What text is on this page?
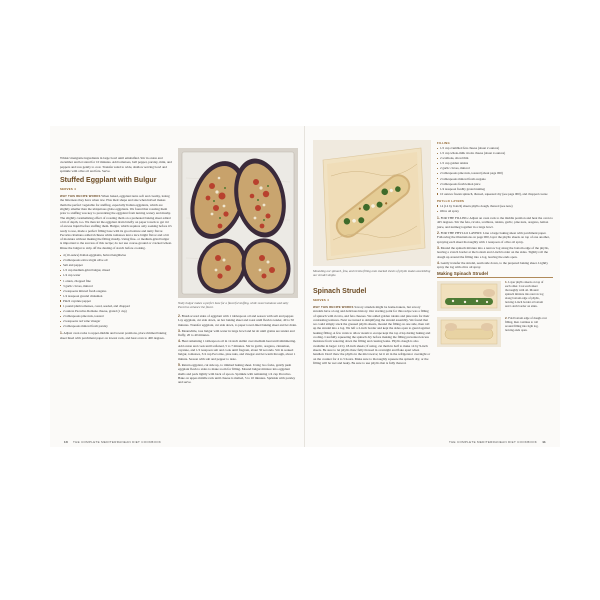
Whisk vinaigrette ingredients in large bowl until emulsified. Stir in onion and cucumber and let stand for 10 minutes. Add tomatoes, bell pepper, parsley, mint, and peppers and toss gently to coat. Transfer salad to wide, shallow serving bowl and sprinkle with olive oil and feta. Serve.

Stuffed Eggplant with Bulgur
SERVES 4

WHY THIS RECIPE WORKS When baked, eggplant turns soft and creamy, losing the bitterness they have when raw. Plus their shape and size when halved makes them the perfect vegetable for stuffing, especially Italian eggplants, which are slightly smaller than the ubiquitous globe eggplants. We found that roasting them prior to stuffing was key to preventing the eggplant from turning watery and mushy. The slightly caramelizing effect of roasting them on a preheated baking sheet added a bit of depth, too. We then let the eggplant drain briefly on paper towels to get rid of excess liquid before stuffing them. Bulgur, which requires only soaking before it's ready to use, made a perfect filling base with its good texture and nutty flavor. Pecorino Romano added richness while tomatoes lent a nice bright flavor and a bit of moisture without making the filling mushy. Using fine- or medium-grind bulgur is important to the success of this recipe; do not use coarse-ground or cracked wheat. Rinse the bulgur to strip off the dusting of starch before cooking.

4 (10-ounce) Italian eggplants, halved lengthwise
2 tablespoons extra-virgin olive oil
Salt and pepper
1/2 cup medium-grind bulgur, rinsed
1/4 cup water
1 onion, chopped fine
3 garlic cloves, minced
2 teaspoons minced fresh oregano
1/4 teaspoon ground cinnamon
Pinch cayenne pepper
1 pound plum tomatoes, cored, seeded, and chopped
2 ounces Pecorino Romano cheese, grated (1 cup)
2 tablespoons pine nuts, toasted
2 teaspoons red wine vinegar
2 tablespoons minced fresh parsley
1. Adjust oven racks to upper-middle and lowest positions, place rimmed baking sheet lined with parchment paper on lowest rack, and heat oven to 400 degrees.
Nutty bulgur makes a perfect base for a flavorful stuffing, while sweet tomatoes and salty Pecorino enhance the flavor.

2. Brush scored sides of eggplant with 1 tablespoon oil and season with salt and pepper. Lay eggplant, cut side down, on hot baking sheet and roast until flesh is tender, 40 to 50 minutes. Transfer eggplant, cut side down, to paper towel-lined baking sheet and let drain.

3. Meanwhile, toss bulgur with water in large bowl and let sit until grains are tender and fluffy, 20 to 40 minutes.

4. Heat remaining 1 tablespoon oil in 12-inch skillet over medium heat until shimmering. Add onion and cook until softened, 5 to 7 minutes. Stir in garlic, oregano, cinnamon, cayenne, and 1/2 teaspoon salt and cook until fragrant, about 30 seconds. Stir in soaked bulgur, tomatoes, 3/4 cup Pecorino, pine nuts, and vinegar and let warm through, about 1 minute. Season with salt and pepper to taste.

5. Return eggplant, cut side up, to rimmed baking sheet. Using two forks, gently push eggplant flesh to sides to make room for filling. Mound bulgur mixture into eggplant shells and pack lightly with back of spoon. Sprinkle with remaining 1/4 cup Pecorino. Bake on upper-middle rack until cheese is melted, 5 to 10 minutes. Sprinkle with parsley and serve.

10 THE COMPLETE MEDITERRANEAN DIET COOKBOOK
Mounding our spinach, feta, and ricotta filling onto stacked sheets of phyllo makes assembling our strudel simple.
Spinach Strudel
SERVES 4

WHY THIS RECIPE WORKS Savory strudels might be home-bakers, but savory strudels have a long and delicious history. Our starting point for this recipe was a filling of spinach with ricotta, and feta cheeses. We added golden raisins and pine nuts for their contrasting textures. Next we turned to simplifying the strudel assembly. We found that we could simply stack the greased phyllo sheets, mound the filling on one side, then roll up the strudel into a log. We left a 2-inch border and kept the sides open to guard against leaking filling. A few vents to allow steam to escape kept the top crisp during baking and cooling. Carefully squeezing the spinach dry before making the filling prevented excess moisture from watering down the filling and causing leaks. Phyllo dough is also available in larger 14 by 18-inch sheets; if using, cut them in half to make 14 by 9-inch sheets. Be sure to let phyllo thaw fully thawed in overnight and flake apart when handled. Don't thaw the phyllo in the microwave; let it sit in the refrigerator overnight or on the counter for 4 to 5 hours. Make sure to thoroughly squeeze the spinach dry, or the filling will be wet and leaky. Be sure to use phyllo that is fully thawed.

FILLING
1/2 cup crumbled feta cheese (about 2 ounces)
1/2 cup whole-milk ricotta cheese (about 4 ounces)
2 scallions, sliced thin
1/2 cup golden raisins
2 garlic cloves, minced
2 tablespoons pine nuts, toasted (about page 000)
2 tablespoons minced fresh oregano
2 tablespoons fresh lemon juice
1/4 teaspoon freshly grated nutmeg
10 ounces frozen spinach, thawed, squeezed dry (see page 000), and chopped coarse
PHYLLO LAYERS
14 (14 by 9-inch) sheets phyllo dough, thawed (see note)
Olive oil spray

1. FOR THE FILLING: Adjust an oven rack to the middle position and heat the oven to 425 degrees. Stir the feta, ricotta, scallions, raisins, garlic, pine nuts, oregano, lemon juice, and nutmeg together in a large bowl.

2. FOR THE PHYLLO LAYERS: Line a large baking sheet with parchment paper. Following the illustrations on page 000, layer the phyllo sheets on top of one another, spraying each sheet thoroughly with 1 teaspoon of olive oil spray.

3. Mound the spinach mixture into a narrow log along the bottom edge of the phyllo, leaving a 2-inch border at the bottom and 2-inch border on the sides. Tightly roll the dough up around the filling into a log, leaving the ends open.

4. Gently transfer the strudel, seam side down, to the prepared baking sheet. Lightly spray the log with olive oil spray.

Making Spinach Strudel
1. Layer phyllo sheets on top of each other. Coat each sheet thoroughly with oil. Mound spinach mixture into narrow log along bottom edge of phyllo, leaving 2-inch border at bottom and 1-inch border on sides.
2. Fold bottom edge of dough over filling, then continue to roll around filling into tight log, leaving ends open.
THE COMPLETE MEDITERRANEAN DIET COOKBOOK 11
